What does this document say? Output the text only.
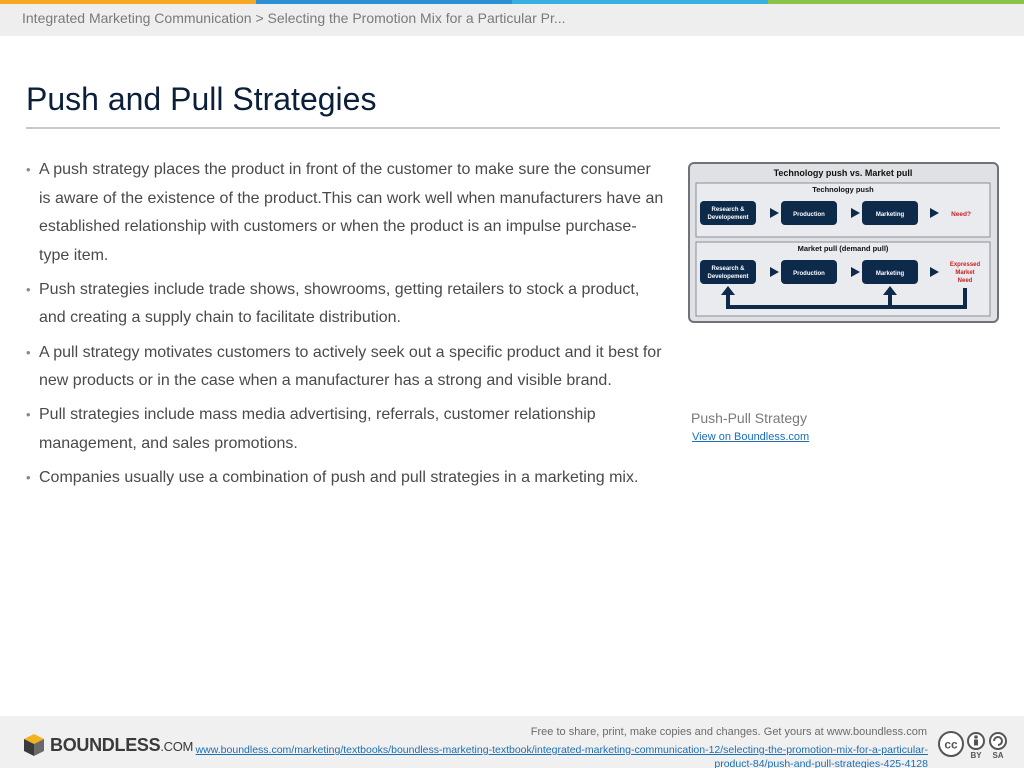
Integrated Marketing Communication > Selecting the Promotion Mix for a Particular Pr...
Push and Pull Strategies
• A push strategy places the product in front of the customer to make sure the consumer is aware of the existence of the product.This can work well when manufacturers have an established relationship with customers or when the product is an impulse purchase-type item.
• Push strategies include trade shows, showrooms, getting retailers to stock a product, and creating a supply chain to facilitate distribution.
• A pull strategy motivates customers to actively seek out a specific product and it best for new products or in the case when a manufacturer has a strong and visible brand.
• Pull strategies include mass media advertising, referrals, customer relationship management, and sales promotions.
• Companies usually use a combination of push and pull strategies in a marketing mix.
Technology push vs. Market pull
Technology push
Research &
Developement	Production	Marketing	Need?
Market pull (demand pull)
Research &
Developement	Production	Marketing
Expressed
Market
Need
Push-Pull Strategy
View on Boundless.com
BOUNDLESS.COM
Free to share, print, make copies and changes. Get yours at www.boundless.com
www.boundless.com/marketing/textbooks/boundless-marketing-textbook/integrated-marketing-communication-12/selecting-the-promotion-mix-for-a-particular-product-84/push-and-pull-strategies-425-4128
cc
BY SA
